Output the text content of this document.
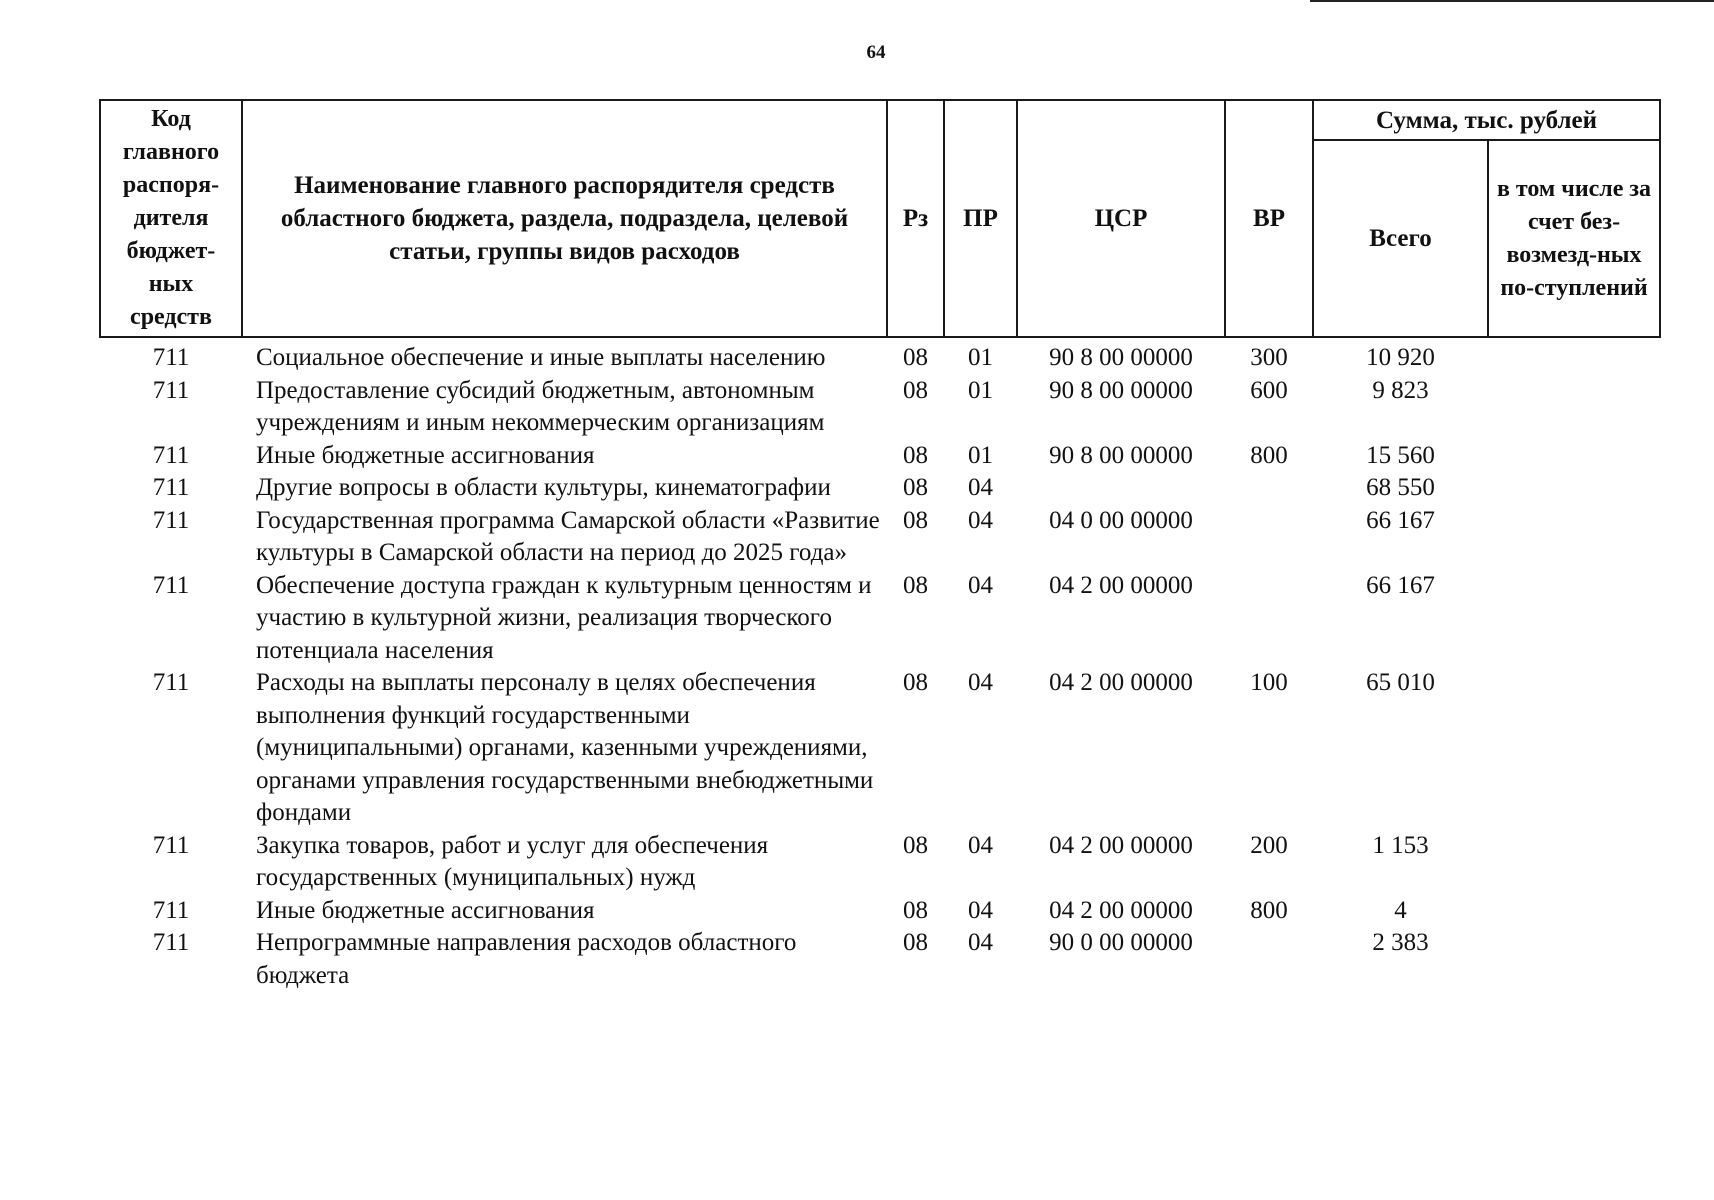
64
Код главного распоря-дителя бюджет-ных средств	Наименование главного распорядителя средств областного бюджета, раздела, подраздела, целевой статьи, группы видов расходов	Рз	ПР	ЦСР	ВР	Сумма, тыс. рублей	
						Всего	в том числе за счет без-возмезд-ных по-ступлений
711	Социальное обеспечение и иные выплаты населению	08	01	90 8 00 00000	300	10 920	
711	Предоставление субсидий бюджетным, автономным учреждениям и иным некоммерческим организациям	08	01	90 8 00 00000	600	9 823	
711	Иные бюджетные ассигнования	08	01	90 8 00 00000	800	15 560	
711	Другие вопросы в области культуры, кинематографии	08	04			68 550	
711	Государственная программа Самарской области «Развитие культуры в Самарской области на период до 2025 года»	08	04	04 0 00 00000		66 167	
711	Обеспечение доступа граждан к культурным ценностям и участию в культурной жизни, реализация творческого потенциала населения	08	04	04 2 00 00000		66 167	
711	Расходы на выплаты персоналу в целях обеспечения выполнения функций государственными (муниципальными) органами, казенными учреждениями, органами управления государственными внебюджетными фондами	08	04	04 2 00 00000	100	65 010	
711	Закупка товаров, работ и услуг для обеспечения государственных (муниципальных) нужд	08	04	04 2 00 00000	200	1 153	
711	Иные бюджетные ассигнования	08	04	04 2 00 00000	800	4	
711	Непрограммные направления расходов областного бюджета	08	04	90 0 00 00000		2 383	
